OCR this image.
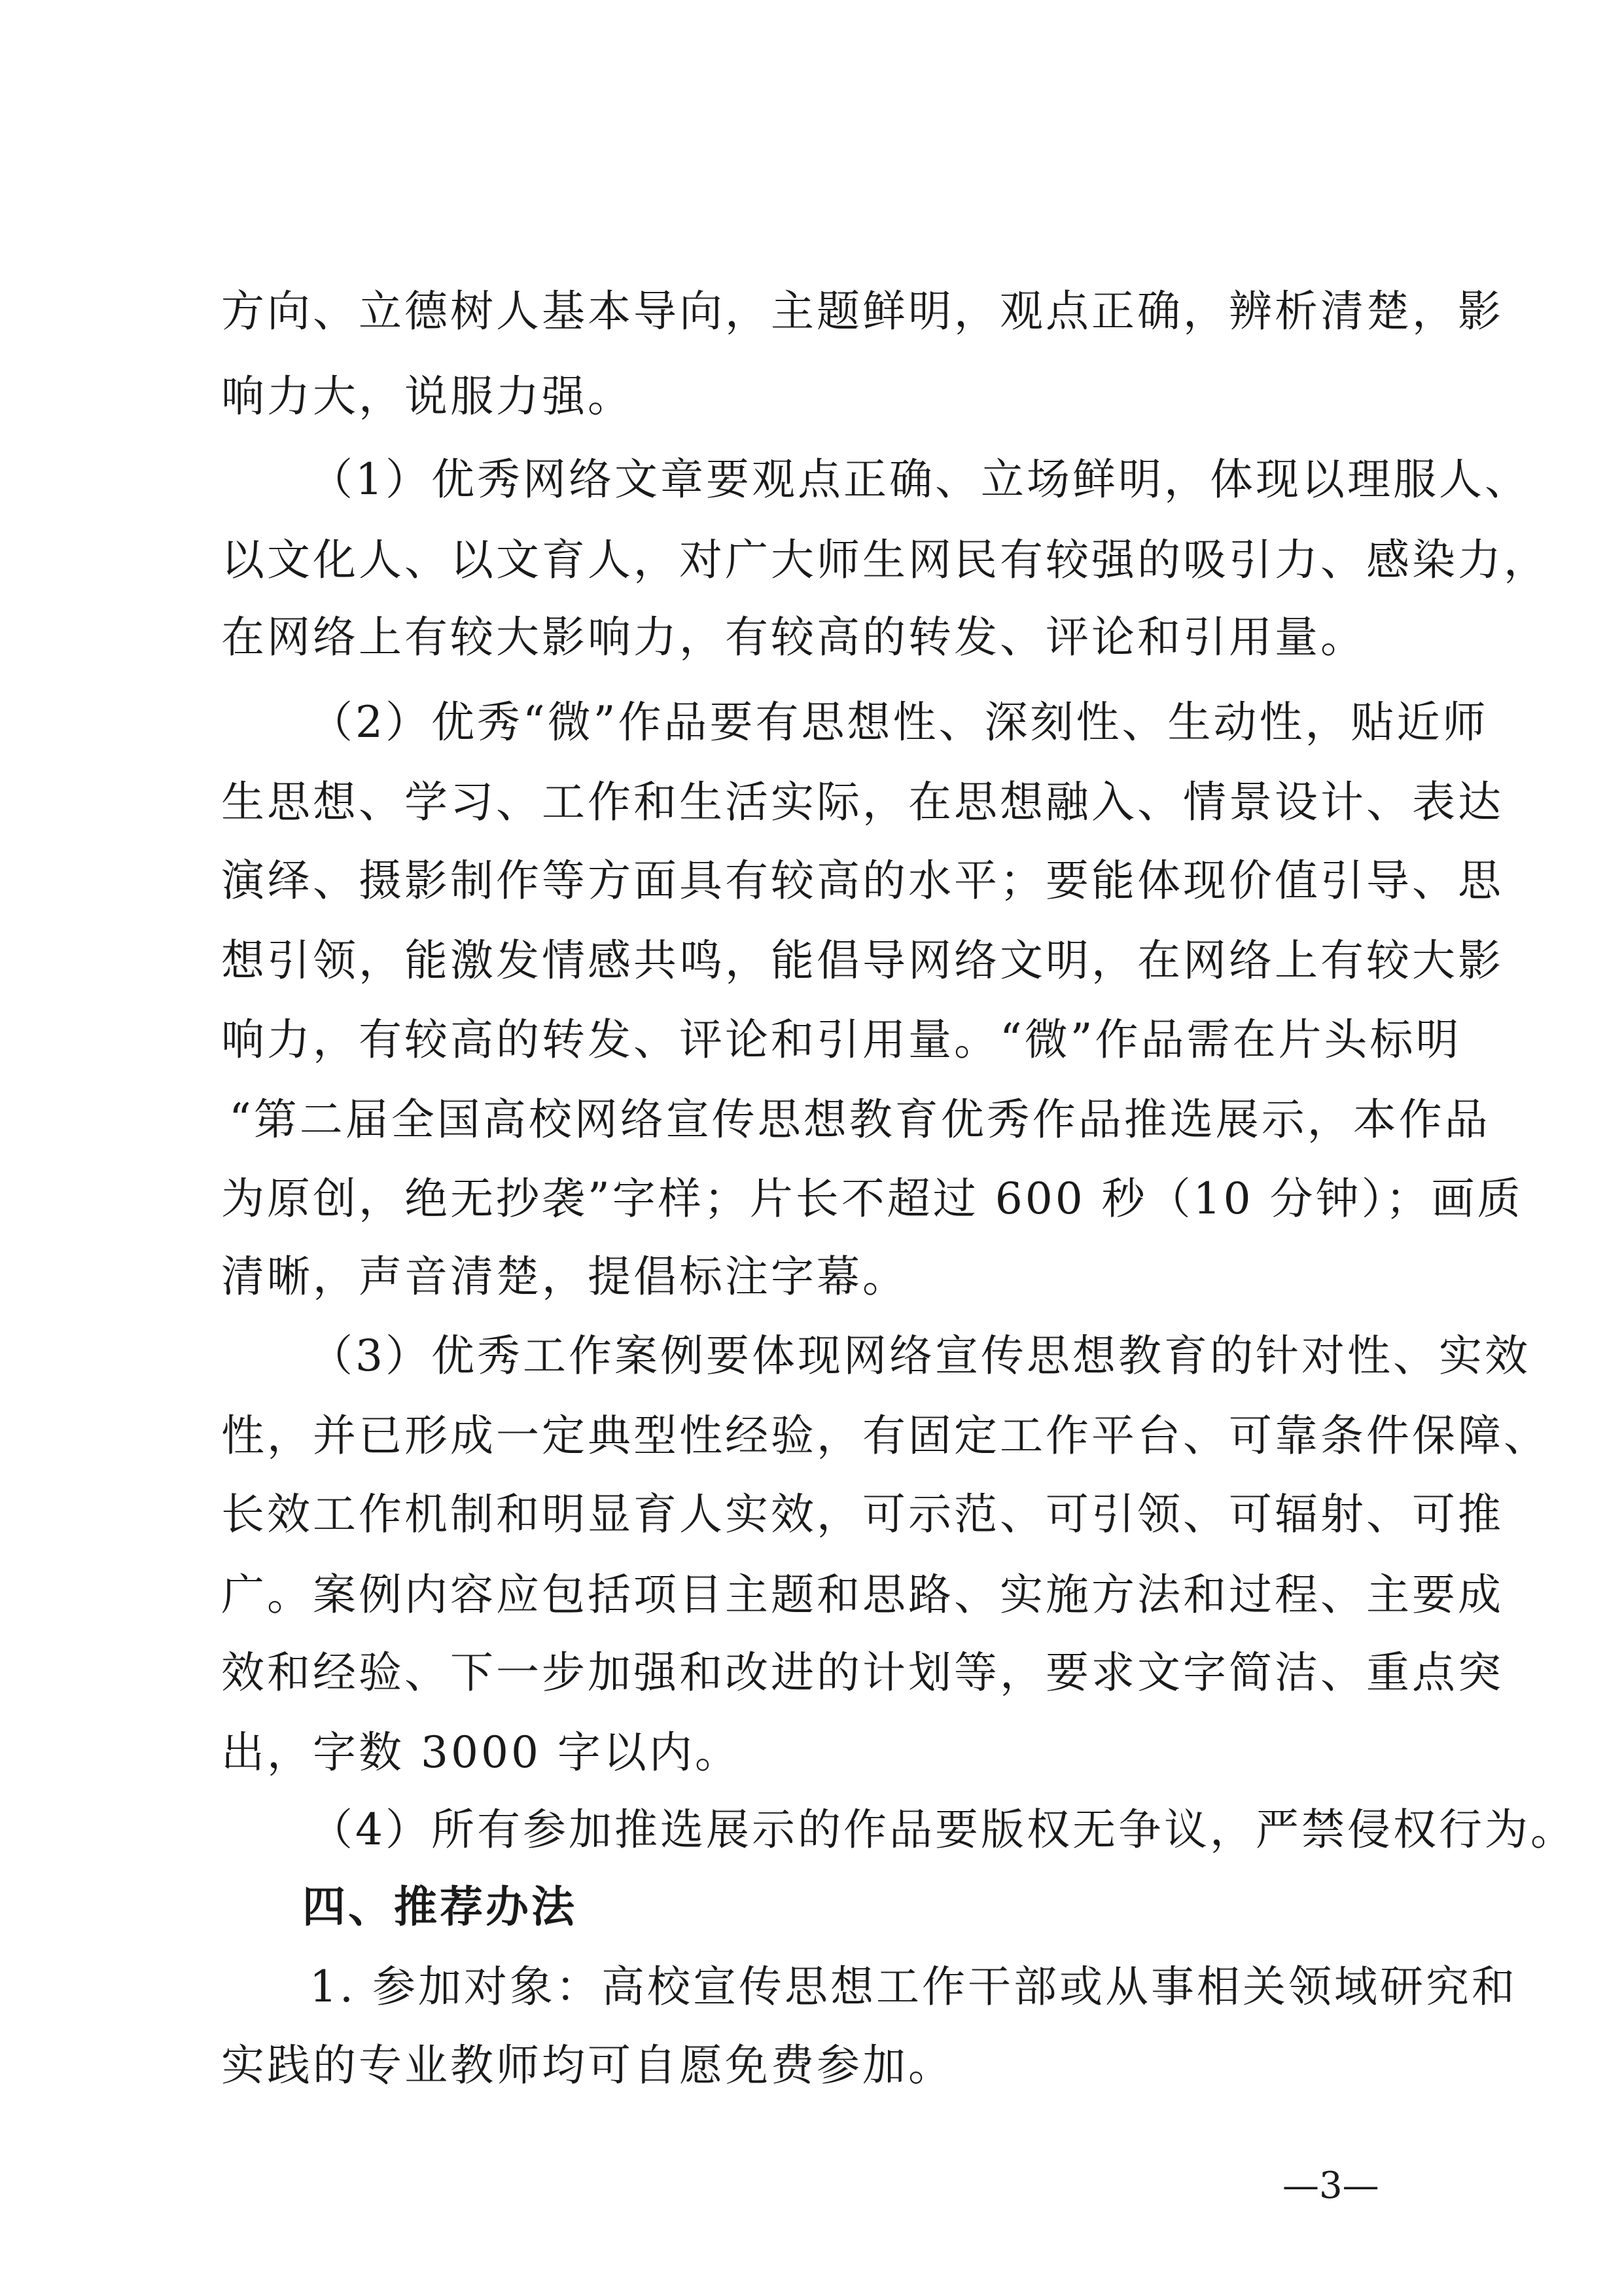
方向、立德树人基本导向，主题鲜明，观点正确，辨析清楚，影
响力大，说服力强。
（1）优秀网络文章要观点正确、立场鲜明，体现以理服人、
以文化人、以文育人，对广大师生网民有较强的吸引力、感染力，
在网络上有较大影响力，有较高的转发、评论和引用量。
（2）优秀“微”作品要有思想性、深刻性、生动性，贴近师
生思想、学习、工作和生活实际，在思想融入、情景设计、表达
演绎、摄影制作等方面具有较高的水平；要能体现价值引导、思
想引领，能激发情感共鸣，能倡导网络文明，在网络上有较大影
响力，有较高的转发、评论和引用量。“微”作品需在片头标明
“第二届全国高校网络宣传思想教育优秀作品推选展示，本作品
为原创，绝无抄袭”字样；片长不超过 600 秒（10 分钟）；画质
清晰，声音清楚，提倡标注字幕。
（3）优秀工作案例要体现网络宣传思想教育的针对性、实效
性，并已形成一定典型性经验，有固定工作平台、可靠条件保障、
长效工作机制和明显育人实效，可示范、可引领、可辐射、可推
广。案例内容应包括项目主题和思路、实施方法和过程、主要成
效和经验、下一步加强和改进的计划等，要求文字简洁、重点突
出，字数 3000 字以内。
（4）所有参加推选展示的作品要版权无争议，严禁侵权行为。
四、推荐办法
1. 参加对象：高校宣传思想工作干部或从事相关领域研究和
实践的专业教师均可自愿免费参加。
—3—
